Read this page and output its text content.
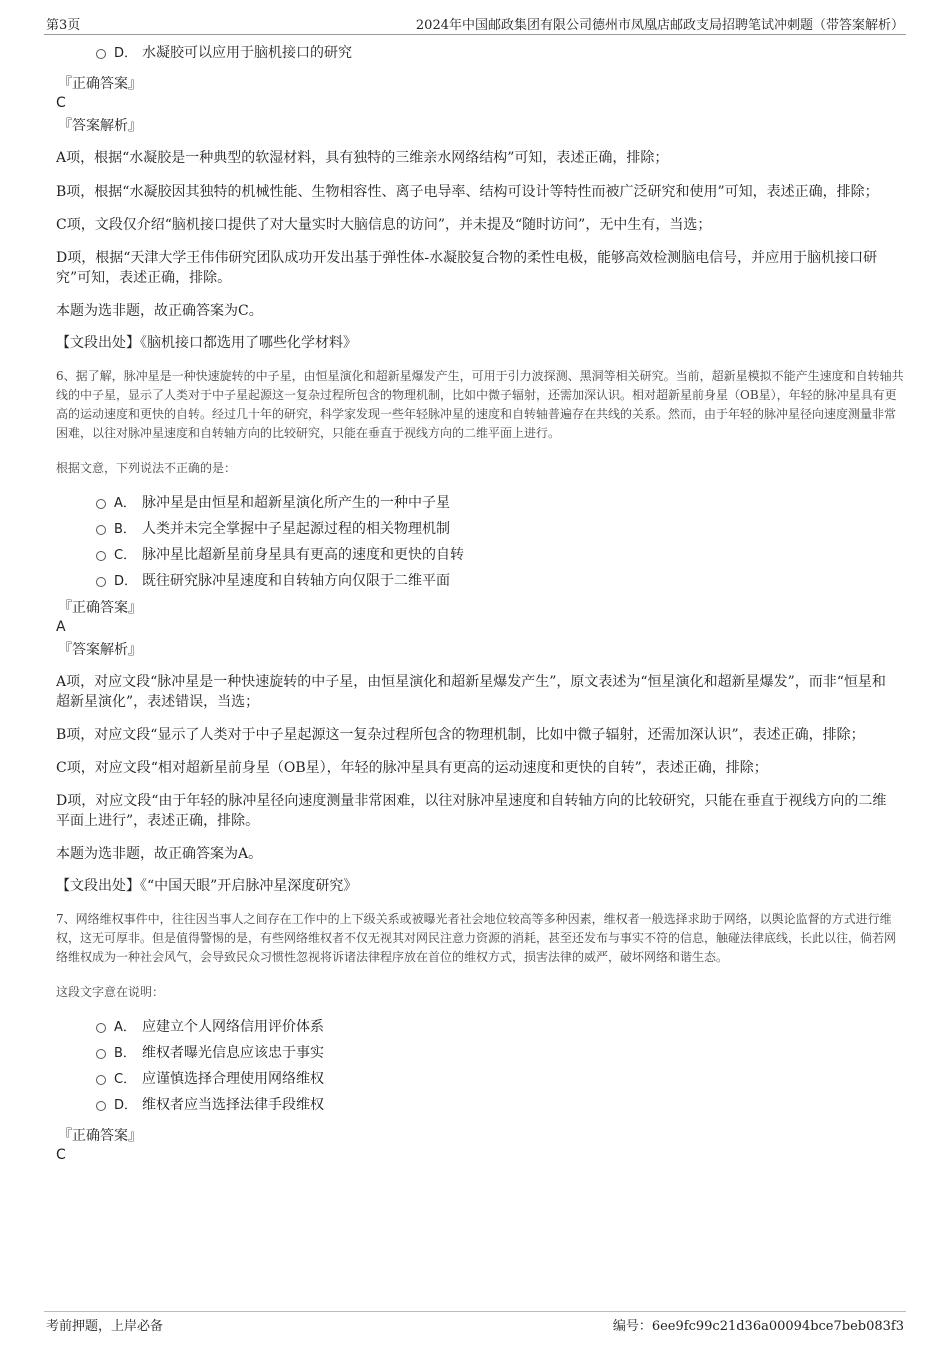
第3页	2024年中国邮政集团有限公司德州市凤凰店邮政支局招聘笔试冲刺题（带答案解析）
D． 水凝胶可以应用于脑机接口的研究
『正确答案』
C
『答案解析』
A项，根据“水凝胶是一种典型的软湿材料，具有独特的三维亲水网络结构”可知，表述正确，排除；
B项，根据“水凝胶因其独特的机械性能、生物相容性、离子电导率、结构可设计等特性而被广泛研究和使用”可知，表述正确，排除；
C项，文段仅介绍“脑机接口提供了对大量实时大脑信息的访问”，并未提及“随时访问”，无中生有，当选；
D项，根据“天津大学王伟伟研究团队成功开发出基于弹性体-水凝胶复合物的柔性电极，能够高效检测脑电信号，并应用于脑机接口研究”可知，表述正确，排除。
本题为选非题，故正确答案为C。
【文段出处】《脑机接口都选用了哪些化学材料》
6、据了解，脉冲星是一种快速旋转的中子星，由恒星演化和超新星爆发产生，可用于引力波探测、黑洞等相关研究。当前，超新星模拟不能产生速度和自转轴共线的中子星，显示了人类对于中子星起源这一复杂过程所包含的物理机制，比如中微子辐射，还需加深认识。相对超新星前身星（OB星），年轻的脉冲星具有更高的运动速度和更快的自转。经过几十年的研究，科学家发现一些年轻脉冲星的速度和自转轴普遍存在共线的关系。然而，由于年轻的脉冲星径向速度测量非常困难，以往对脉冲星速度和自转轴方向的比较研究，只能在垂直于视线方向的二维平面上进行。
根据文意，下列说法不正确的是：
A． 脉冲星是由恒星和超新星演化所产生的一种中子星
B． 人类并未完全掌握中子星起源过程的相关物理机制
C． 脉冲星比超新星前身星具有更高的速度和更快的自转
D． 既往研究脉冲星速度和自转轴方向仅限于二维平面
『正确答案』
A
『答案解析』
A项，对应文段“脉冲星是一种快速旋转的中子星，由恒星演化和超新星爆发产生”，原文表述为“恒星演化和超新星爆发”，而非“恒星和超新星演化”，表述错误，当选；
B项，对应文段“显示了人类对于中子星起源这一复杂过程所包含的物理机制，比如中微子辐射，还需加深认识”，表述正确，排除；
C项，对应文段“相对超新星前身星（OB星），年轻的脉冲星具有更高的运动速度和更快的自转”，表述正确，排除；
D项，对应文段“由于年轻的脉冲星径向速度测量非常困难，以往对脉冲星速度和自转轴方向的比较研究，只能在垂直于视线方向的二维平面上进行”，表述正确，排除。
本题为选非题，故正确答案为A。
【文段出处】《“中国天眼”开启脉冲星深度研究》
7、网络维权事件中，往往因当事人之间存在工作中的上下级关系或被曝光者社会地位较高等多种因素，维权者一般选择求助于网络，以舆论监督的方式进行维权，这无可厚非。但是值得警惕的是，有些网络维权者不仅无视其对网民注意力资源的消耗，甚至还发布与事实不符的信息，触碰法律底线，长此以往，倘若网络维权成为一种社会风气，会导致民众习惯性忽视将诉诸法律程序放在首位的维权方式，损害法律的威严，破坏网络和谐生态。
这段文字意在说明：
A． 应建立个人网络信用评价体系
B． 维权者曝光信息应该忠于事实
C． 应谨慎选择合理使用网络维权
D． 维权者应当选择法律手段维权
『正确答案』
C
考前押题，上岸必备	编号：6ee9fc99c21d36a00094bce7beb083f3
